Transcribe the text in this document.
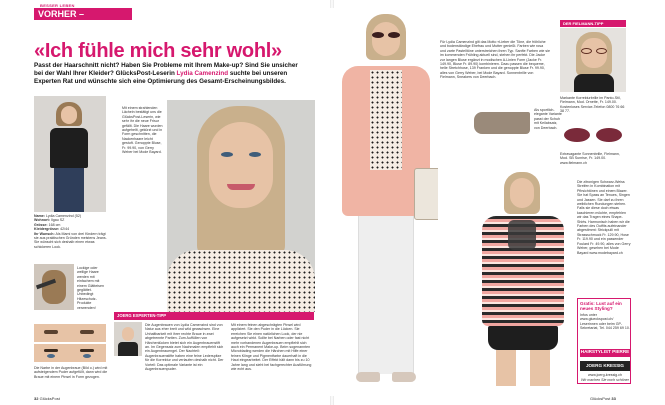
BESSER LEBEN
VORHER – NACHHER
«Ich fühle mich sehr wohl»
Passt der Haarschnitt nicht? Haben Sie Probleme mit Ihrem Make-up? Sind Sie unsicher bei der Wahl Ihrer Kleider? GlücksPost-Leserin Lydia Camenzind suchte bei unseren Experten Rat und wünschte sich eine Optimierung des Gesamt-Erscheinungsbildes.
Name: Lydia Camenzind (52)
Wohnort: Ilgau SZ
Grösse: 168 cm
Kleidergrösse: 42/44
Ihr Wunsch: Als Mami von drei Kindern trägt sie aus praktischen Gründen meistens Jeans. Sie wünscht sich deshalb einen etwas schickeren Look.
Lockige oder wellige Haare werden mit einfachem mit einem Glätteisen geglättet. Unbedingt Hitzeschutz-Produkte verwenden!
Die Narbe in der Augenbraue (Bild o.) wird mit aufsteigendem Puder aufgefüllt, dann wird die Braue mit einem Pinsel in Form gezogen.
Mit einem strahlenden Lächeln bestätigt uns die GlücksPost-Leserin, wie sehr ihr die neue Frisur gefällt. Die Haare wurden aufgehellt, gekürzt und in Form geschnitten, die Nackenhaare leicht gestuft. Genoppte Bluse, Fr. 99.90, von Gerry Weber bei Mode Bayard.
JOERG EXPERTEN-TIPP
Die Augenbrauen von Lydia Camenzind sind von Natur aus eher breit und wild gewachsen. Eine Unhaltbarkeit mit ihrer rechte Braue in zwei abgetrennte Partien. Zum Auffüllen von Härchenlücken bietet sich ein Augenbrauenstift an. Im Gegensatz zum Nachmalen empfiehlt sich ein Augenbrauengel. Der Nachteil: Augenbrauenstifte haben eine feine Lederspitze für die Korrektur und verlaufen deshalb nicht. Der Vorteil: Das optimale Variante ist ein Augenbrauenpuder.
Mit einem feinen abgeschrägten Pinsel wird appliziert. Sie den Puder in die Lücken. Sie erreichen Sie einen natürlichen Look, der nie aufgesetzt wirkt. Sollte bei Narben oder fast nicht mehr vorhandenen Augenbrauen empfiehlt sich auch ein Permanent Make-up. Beim sogenannten Microblading werden die Härchen mit Hilfe einer feinen Klinge und Pigmentfarbe dauerhaft in die Haut eingearbeitet. Der Effekt hält dann bis zu 10 Jahre lang und sieht bei fachgerechter Ausführung wie echt aus.
32 GlücksPost
Für Lydia Camenzind gilt das Motto «Lieber die Töne, die fröhliche und bodenständige Ehefrau und Mutter genießt. Farben wie rosa und zarte Pastelltöne unterstreichen ihren Typ. Sanfte Farben wie sie im kommenden Frühling aktuell sind, stehen ihr perfekt. Die Jacke zur langen Bluse ergänzt in modischen A-Linien Form (Jacke Fr. 149.90, Bluse Fr. 89.90) kombinieren. Dazu passen die bequeme, helle Stretchhose, 139 Franken und die genoppte Bluse Fr. 99.90, alles von Gerry Weber, bei Mode Bayard. Sonnenbrille von Fielmann, Sneakers von Deerbach.
Als sportlich-elegante Variante passt der Schuh mit Keilabsatz, von Deerbach.
DER FIELMANN-TIPP
Markante Korrekturbrille im Panto-Stil, Fielmann, Mod. Ornette, Fr. 149.00. Kostenloses Service-Telefon 0800 76 66 38 77.
Extravagante Sonnenbrille, Fielmann, Mod. SB Sunrise, Fr. 149.00. www.fielmann.ch
Die zitronigen Schwarz-Weiss Streifen in Kombination mit Pfirsichtönen und einem Blazer. Sie hat Spass an Tenues, Singen und Jassen. Sie darf zu ihren weiblichen Rundungen stehen. Falls sie diese doch etwas kaschieren möchte, empfehlen wir das Tragen eines Shape-Shirts. Harmonisch haben wir die Farben des Outfits aufeinander abgestimmt: Strickpulli mit Strassschmuck Fr. 129.90, Hose Fr. 119.90 und ein passender Foulard Fr. 49.90, alles von Gerry Weber, gesehen bei Mode Bayard www.modebayard.ch
Gratis: Lust auf ein neues Styling?
Infos unter www.glueckspost.ch/ Leserinnen oder beim GP-Sekretariat, Tel. 044 259 69 10.
HAIRSTYLIST PIERRE
JOERG KRESSIG
www.joerg-kressig.ch
Wir machen Sie noch schöner
GlücksPost 33
